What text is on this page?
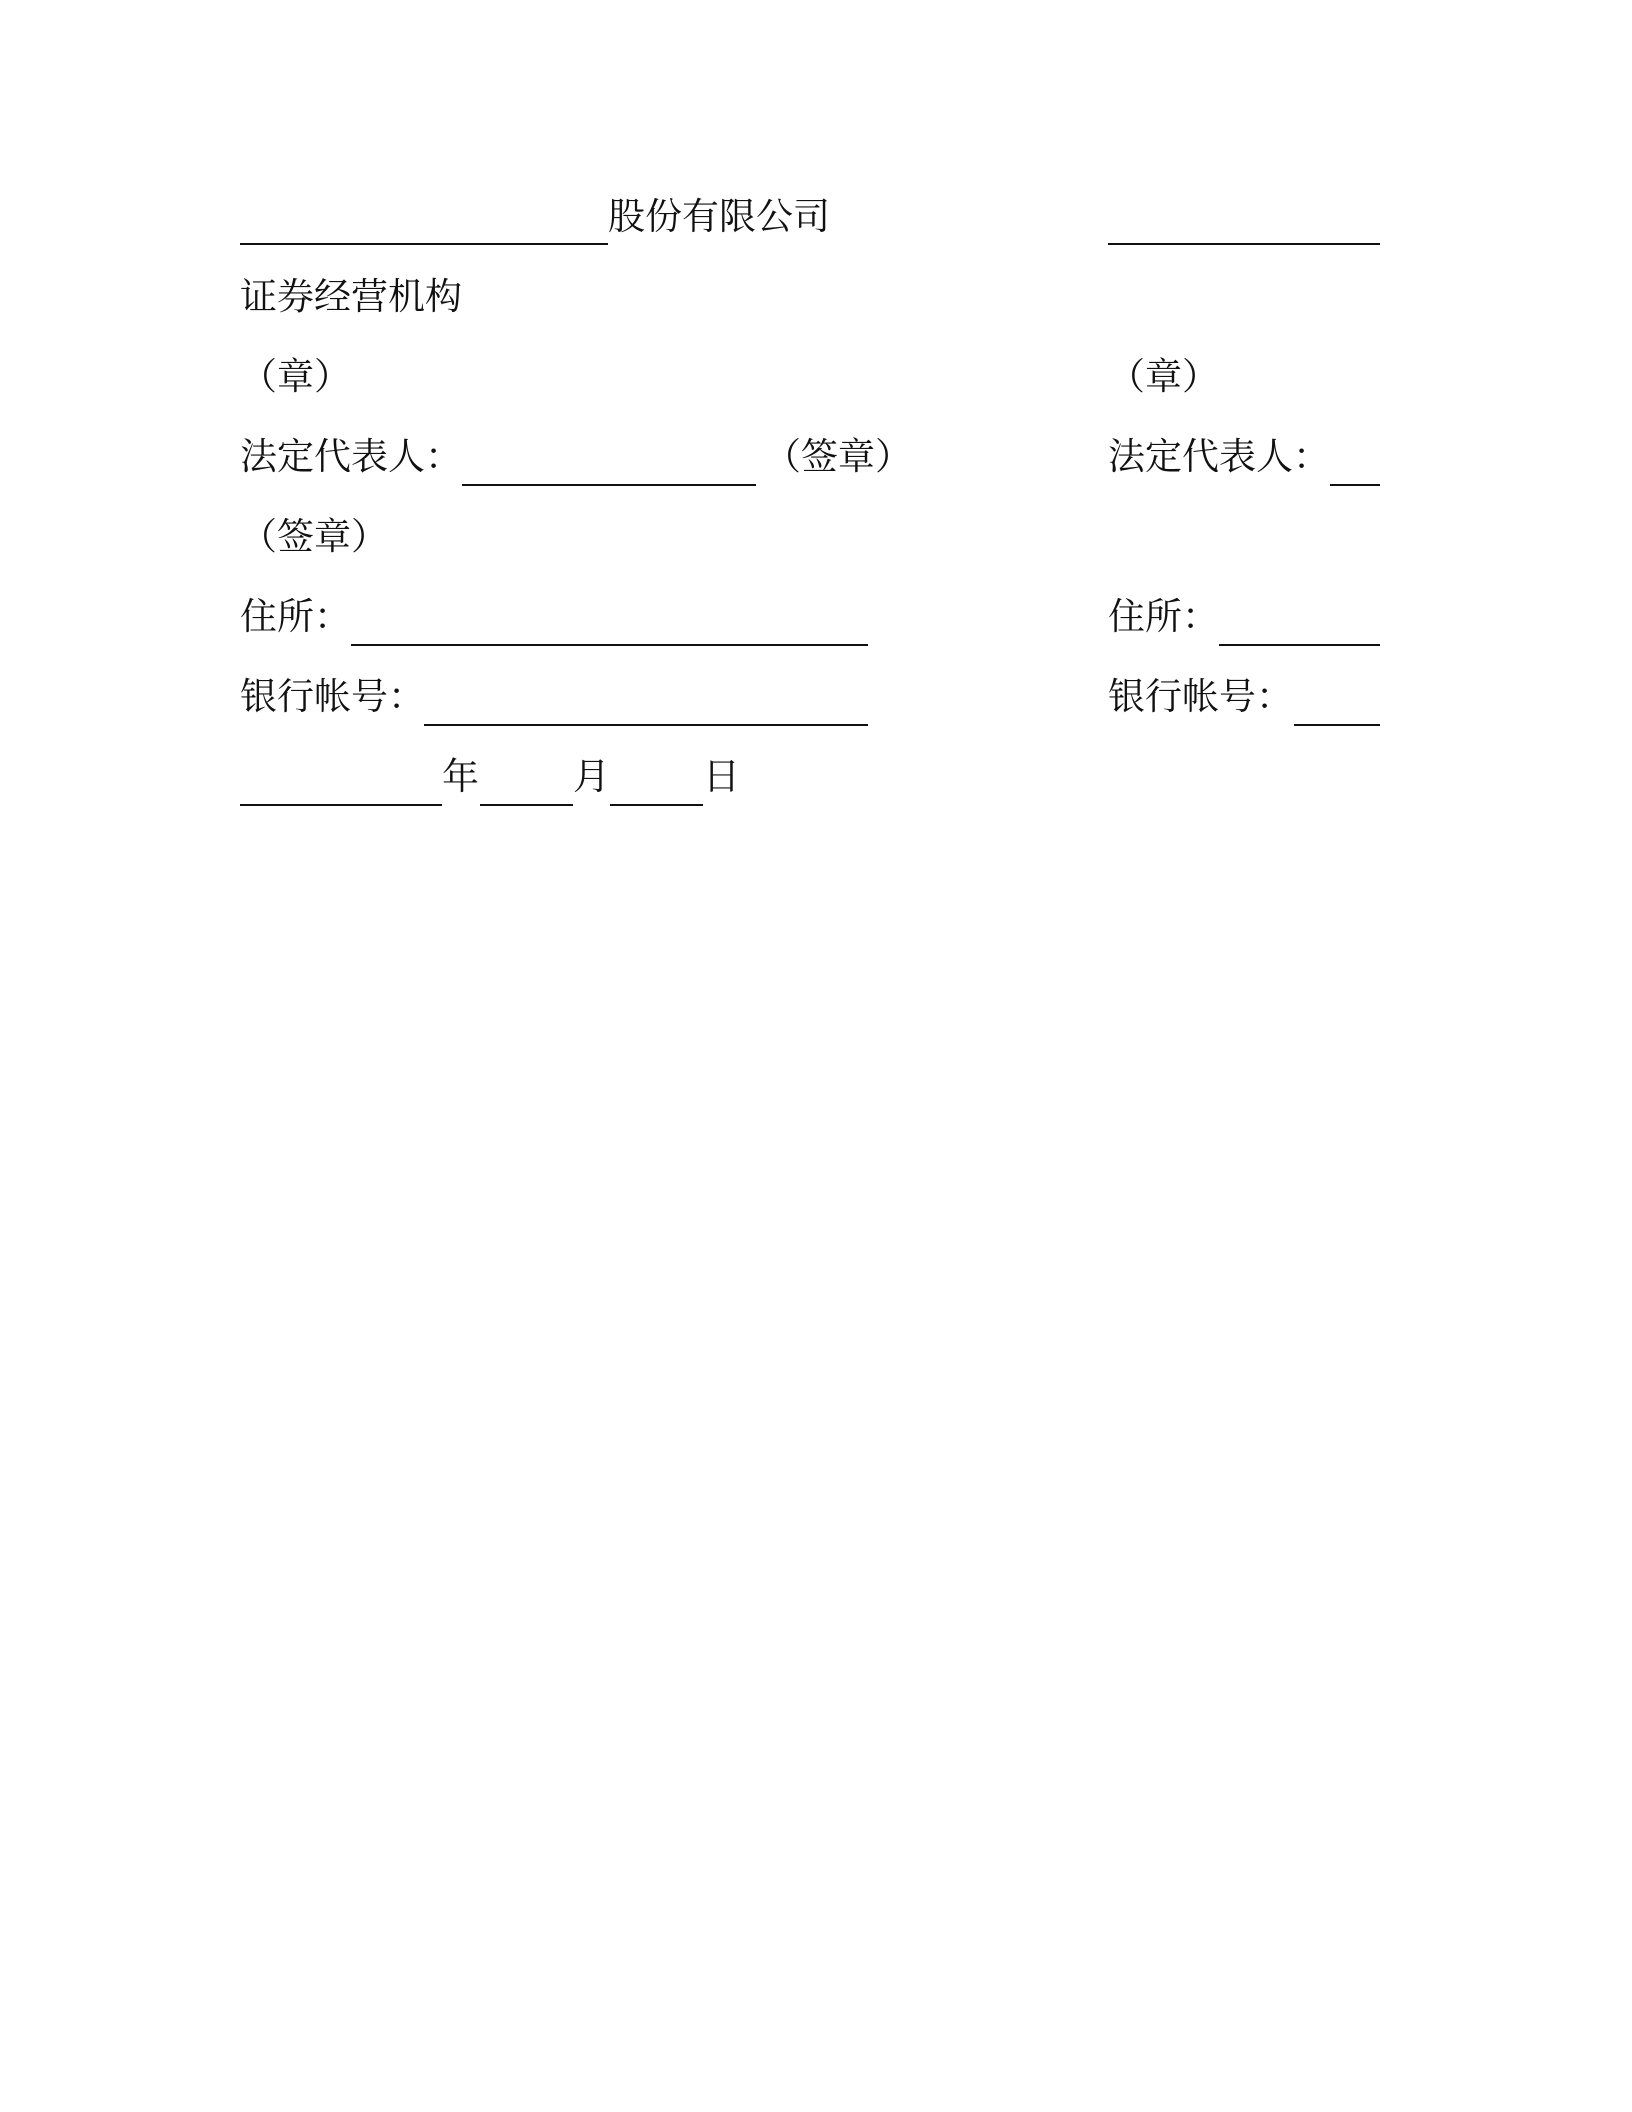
股份有限公司
证券经营机构
（章）	（章）
法定代表人：	（签章）	法定代表人：
（签章）
住所：	住所：
银行帐号：	银行帐号：
年	月	日
